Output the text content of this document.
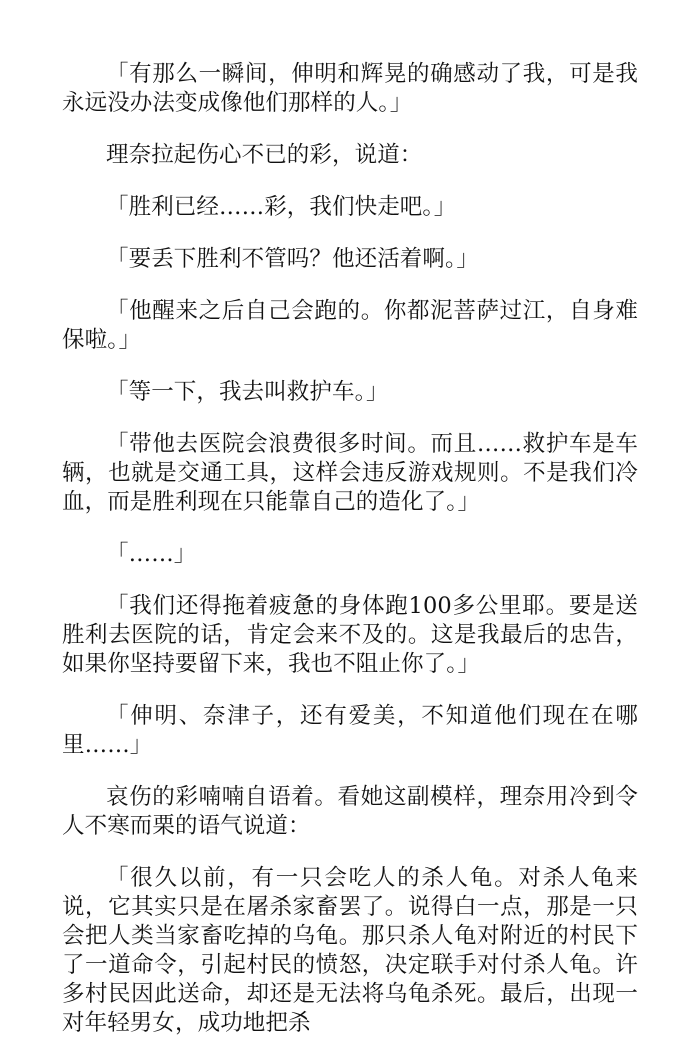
「有那么一瞬间，伸明和辉晃的确感动了我，可是我永远没办法变成像他们那样的人。」

理奈拉起伤心不已的彩，说道：

「胜利已经……彩，我们快走吧。」

「要丢下胜利不管吗？他还活着啊。」

「他醒来之后自己会跑的。你都泥菩萨过江，自身难保啦。」

「等一下，我去叫救护车。」

「带他去医院会浪费很多时间。而且……救护车是车辆，也就是交通工具，这样会违反游戏规则。不是我们冷血，而是胜利现在只能靠自己的造化了。」

「……」

「我们还得拖着疲惫的身体跑100多公里耶。要是送胜利去医院的话，肯定会来不及的。这是我最后的忠告，如果你坚持要留下来，我也不阻止你了。」

「伸明、奈津子，还有爱美，不知道他们现在在哪里……」

哀伤的彩喃喃自语着。看她这副模样，理奈用冷到令人不寒而栗的语气说道：

「很久以前，有一只会吃人的杀人龟。对杀人龟来说，它其实只是在屠杀家畜罢了。说得白一点，那是一只会把人类当家畜吃掉的乌龟。那只杀人龟对附近的村民下了一道命令，引起村民的愤怒，决定联手对付杀人龟。许多村民因此送命，却还是无法将乌龟杀死。最后，出现一对年轻男女，成功地把杀
